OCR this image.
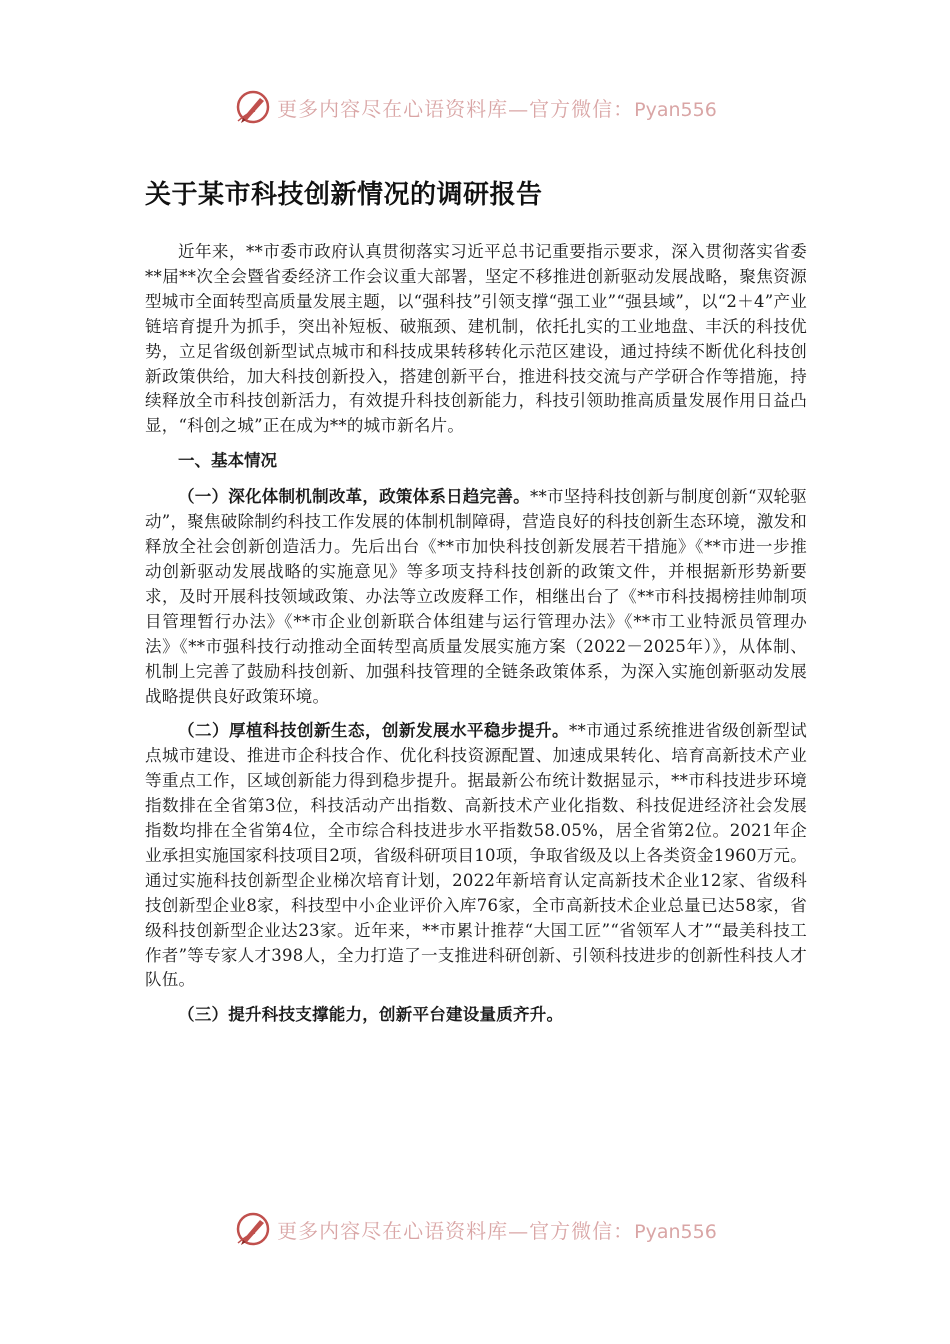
更多内容尽在心语资料库—官方微信：Pyan556
关于某市科技创新情况的调研报告

近年来，**市委市政府认真贯彻落实习近平总书记重要指示要求，深入贯彻落实省委**届**次全会暨省委经济工作会议重大部署，坚定不移推进创新驱动发展战略，聚焦资源型城市全面转型高质量发展主题，以“强科技”引领支撑“强工业”“强县域”，以“2＋4”产业链培育提升为抓手，突出补短板、破瓶颈、建机制，依托扎实的工业地盘、丰沃的科技优势，立足省级创新型试点城市和科技成果转移转化示范区建设，通过持续不断优化科技创新政策供给，加大科技创新投入，搭建创新平台，推进科技交流与产学研合作等措施，持续释放全市科技创新活力，有效提升科技创新能力，科技引领助推高质量发展作用日益凸显，“科创之城”正在成为**的城市新名片。

一、基本情况

（一）深化体制机制改革，政策体系日趋完善。**市坚持科技创新与制度创新“双轮驱动”，聚焦破除制约科技工作发展的体制机制障碍，营造良好的科技创新生态环境，激发和释放全社会创新创造活力。先后出台《**市加快科技创新发展若干措施》《**市进一步推动创新驱动发展战略的实施意见》等多项支持科技创新的政策文件，并根据新形势新要求，及时开展科技领域政策、办法等立改废释工作，相继出台了《**市科技揭榜挂帅制项目管理暂行办法》《**市企业创新联合体组建与运行管理办法》《**市工业特派员管理办法》《**市强科技行动推动全面转型高质量发展实施方案（2022－2025年）》，从体制、机制上完善了鼓励科技创新、加强科技管理的全链条政策体系，为深入实施创新驱动发展战略提供良好政策环境。

（二）厚植科技创新生态，创新发展水平稳步提升。**市通过系统推进省级创新型试点城市建设、推进市企科技合作、优化科技资源配置、加速成果转化、培育高新技术产业等重点工作，区域创新能力得到稳步提升。据最新公布统计数据显示，**市科技进步环境指数排在全省第3位，科技活动产出指数、高新技术产业化指数、科技促进经济社会发展指数均排在全省第4位，全市综合科技进步水平指数58.05%，居全省第2位。2021年企业承担实施国家科技项目2项，省级科研项目10项，争取省级及以上各类资金1960万元。通过实施科技创新型企业梯次培育计划，2022年新培育认定高新技术企业12家、省级科技创新型企业8家，科技型中小企业评价入库76家，全市高新技术企业总量已达58家，省级科技创新型企业达23家。近年来，**市累计推荐“大国工匠”“省领军人才”“最美科技工作者”等专家人才398人，全力打造了一支推进科研创新、引领科技进步的创新性科技人才队伍。

（三）提升科技支撑能力，创新平台建设量质齐升。

更多内容尽在心语资料库—官方微信：Pyan556
